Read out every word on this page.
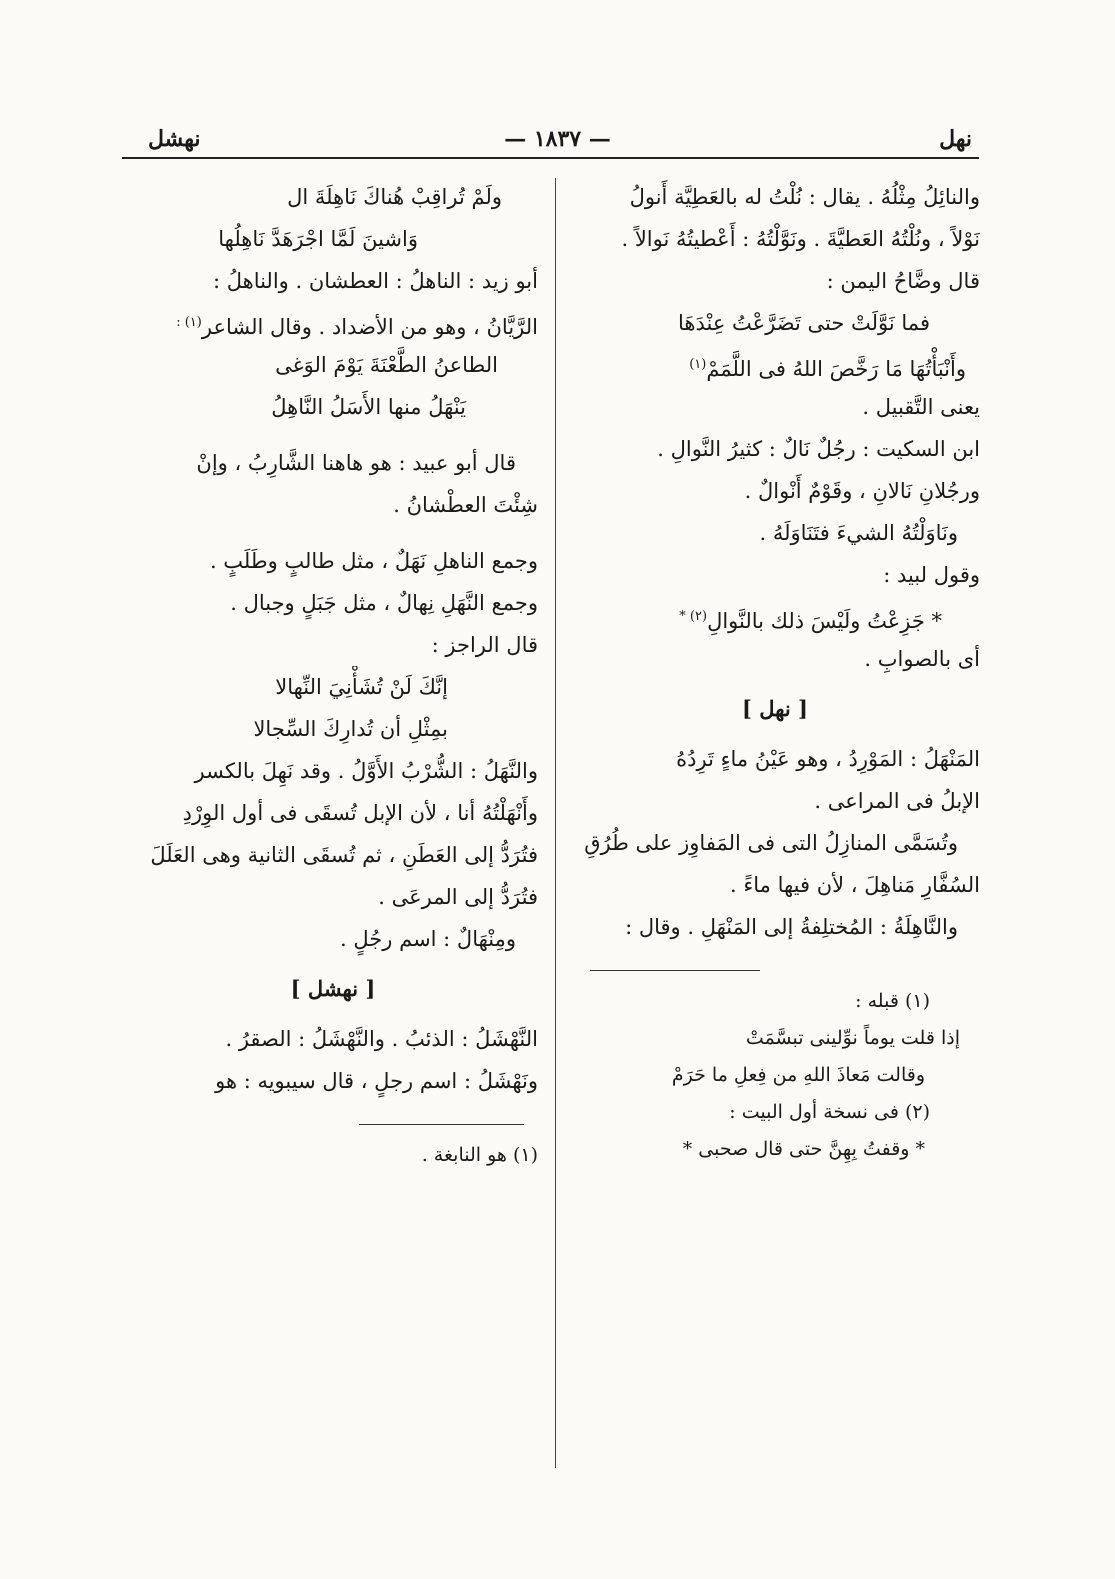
نهل
— ١٨٣٧ —
نهشل
والنائِلُ مِثْلُهُ . يقال : نُلْتُ له بالعَطِيَّة أَنولُ
نَوْلاً ، ونُلْتُهُ العَطيَّةَ . ونَوَّلْتُهُ : أَعْطيتُهُ نَوالاً .
قال وضَّاحُ اليمن :
فما نَوَّلَتْ حتى تَضَرَّعْتُ عِنْدَهَا
وأَنْبَأْتُهَا مَا رَخَّصَ اللهُ فى اللَّمَمْ$^{(١)}$
يعنى التَّقبيل .
ابن السكيت : رجُلٌ نَالٌ : كثيرُ النَّوالِ .
ورجُلانِ نَالانِ ، وقَوْمٌ أَنْوالٌ .
ونَاوَلْتُهُ الشيءَ فتَنَاوَلَهُ .
وقول لبيد :
* جَزِعْتُ ولَيْسَ ذلك بالنَّوالِ$^{(٢) *}$
أى بالصوابِ .
[ نهل ]
المَنْهَلُ : المَوْرِدُ ، وهو عَيْنُ ماءٍ تَرِدُهُ
الإبلُ فى المراعى .
وتُسَمَّى المنازِلُ التى فى المَفاوِز على طُرُقِ
السُفَّارِ مَناهِلَ ، لأن فيها ماءً .
والنَّاهِلَةُ : المُختلِفةُ إلى المَنْهَلِ . وقال :
(١) قبله :
إذا قلت يوماً نوِّلينى تبسَّمَتْ
وقالت مَعاذَ اللهِ من فِعلِ ما حَرَمْ
(٢) فى نسخة أول البيت :
* وقفتُ بِهِنَّ حتى قال صحبى *
ولَمْ تُراقِبْ هُناكَ نَاهِلَةَ ال
وَاشينَ لَمَّا اجْرَهَدَّ نَاهِلُها
أبو زيد : الناهلُ : العطشان . والناهلُ :
الرَّيَّانُ ، وهو من الأضداد . وقال الشاعر$^{(١) :}$
الطاعنُ الطَّعْنَةَ يَوْمَ الوَغى
يَنْهَلُ منها الأَسَلُ النَّاهِلُ
قال أبو عبيد : هو هاهنا الشَّارِبُ ، وإنْ
شِئْتَ العطْشانُ .
وجمع الناهلِ نَهَلٌ ، مثل طالبٍ وطَلَبٍ .
وجمع النَّهَلِ نِهالٌ ، مثل جَبَلٍ وجبال .
قال الراجز :
إنَّكَ لَنْ تُشَأْنِيَ النِّهالا
بمِثْلِ أن تُدارِكَ السِّجالا
والنَّهَلُ : الشُّرْبُ الأَوَّلُ . وقد نَهِلَ بالكسر
وأَنْهَلْتُهُ أنا ، لأن الإبل تُسقَى فى أول الوِرْدِ
فتُرَدُّ إلى العَطَنِ ، ثم تُسقَى الثانية وهى العَلَلَ
فتُرَدُّ إلى المرعَى .
ومِنْهَالٌ : اسم رجُلٍ .
[ نهشل ]
النَّهْشَلُ : الذئبُ . والنَّهْشَلُ : الصقرُ .
ونَهْشَلُ : اسم رجلٍ ، قال سيبويه : هو
(١) هو النابغة .
